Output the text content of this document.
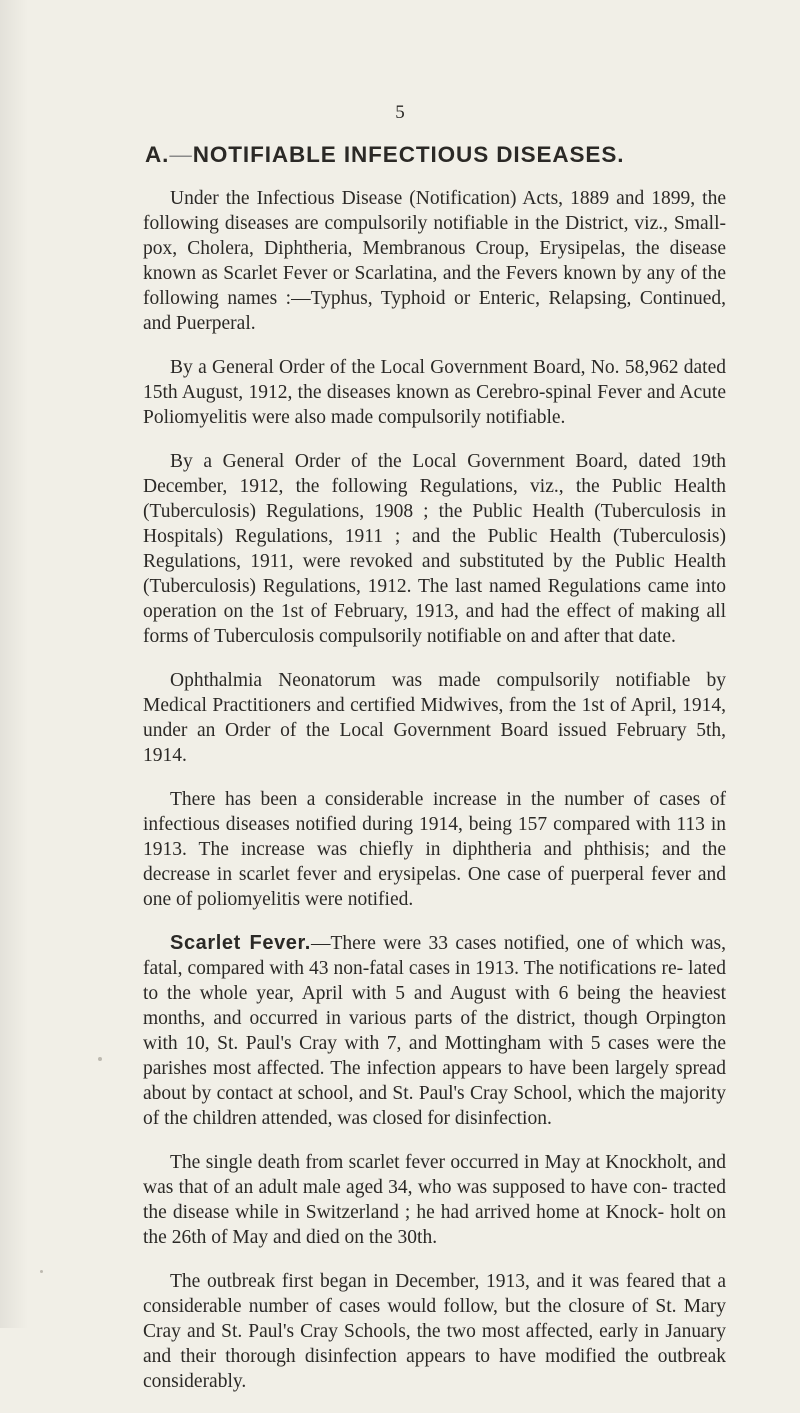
5
A.—NOTIFIABLE INFECTIOUS DISEASES.

Under the Infectious Disease (Notification) Acts, 1889 and 1899, the following diseases are compulsorily notifiable in the District, viz., Small-pox, Cholera, Diphtheria, Membranous Croup, Erysipelas, the disease known as Scarlet Fever or Scarlatina, and the Fevers known by any of the following names :—Typhus, Typhoid or Enteric, Relapsing, Continued, and Puerperal.

By a General Order of the Local Government Board, No. 58,962 dated 15th August, 1912, the diseases known as Cerebro-spinal Fever and Acute Poliomyelitis were also made compulsorily notifiable.

By a General Order of the Local Government Board, dated 19th December, 1912, the following Regulations, viz., the Public Health (Tuberculosis) Regulations, 1908 ; the Public Health (Tuberculosis in Hospitals) Regulations, 1911 ; and the Public Health (Tuberculosis) Regulations, 1911, were revoked and substituted by the Public Health (Tuberculosis) Regulations, 1912. The last named Regulations came into operation on the 1st of February, 1913, and had the effect of making all forms of Tuberculosis compulsorily notifiable on and after that date.

Ophthalmia Neonatorum was made compulsorily notifiable by Medical Practitioners and certified Midwives, from the 1st of April, 1914, under an Order of the Local Government Board issued February 5th, 1914.

There has been a considerable increase in the number of cases of infectious diseases notified during 1914, being 157 compared with 113 in 1913. The increase was chiefly in diphtheria and phthisis; and the decrease in scarlet fever and erysipelas. One case of puerperal fever and one of poliomyelitis were notified.

Scarlet Fever.—There were 33 cases notified, one of which was, fatal, compared with 43 non-fatal cases in 1913. The notifications re- lated to the whole year, April with 5 and August with 6 being the heaviest months, and occurred in various parts of the district, though Orpington with 10, St. Paul's Cray with 7, and Mottingham with 5 cases were the parishes most affected. The infection appears to have been largely spread about by contact at school, and St. Paul's Cray School, which the majority of the children attended, was closed for disinfection.

The single death from scarlet fever occurred in May at Knockholt, and was that of an adult male aged 34, who was supposed to have con- tracted the disease while in Switzerland ; he had arrived home at Knock- holt on the 26th of May and died on the 30th.

The outbreak first began in December, 1913, and it was feared that a considerable number of cases would follow, but the closure of St. Mary Cray and St. Paul's Cray Schools, the two most affected, early in January and their thorough disinfection appears to have modified the outbreak considerably.
